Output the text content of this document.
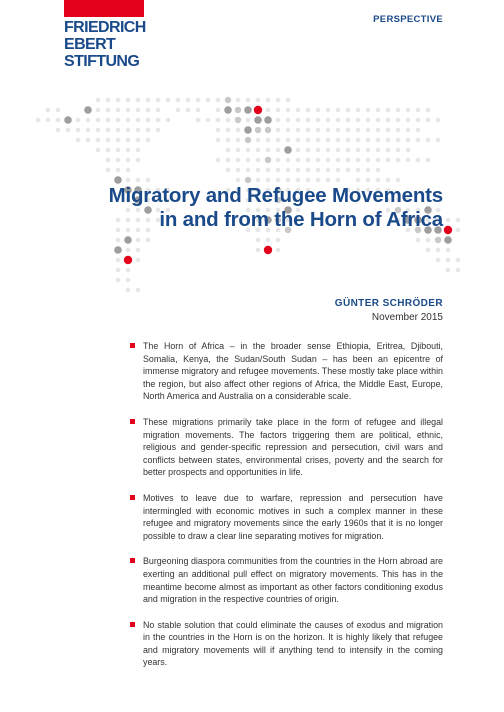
FRIEDRICH
EBERT
STIFTUNG
PERSPECTIVE
Migratory and Refugee Movements
in and from the Horn of Africa
GÜNTER SCHRÖDER
November 2015
The Horn of Africa – in the broader sense Ethiopia, Eritrea, Djibouti, Somalia, Kenya, the Sudan/South Sudan – has been an epicentre of immense migratory and refugee movements. These mostly take place within the region, but also affect other regions of Africa, the Middle East, Europe, North America and Australia on a considerable scale.
These migrations primarily take place in the form of refugee and illegal migration movements. The factors triggering them are political, ethnic, religious and gender-specific repression and persecution, civil wars and conflicts between states, environmental crises, poverty and the search for better prospects and opportunities in life.
Motives to leave due to warfare, repression and persecution have intermingled with economic motives in such a complex manner in these refugee and migratory movements since the early 1960s that it is no longer possible to draw a clear line separating motives for migration.
Burgeoning diaspora communities from the countries in the Horn abroad are exerting an additional pull effect on migratory movements. This has in the meantime become almost as important as other factors conditioning exodus and migration in the respective countries of origin.
No stable solution that could eliminate the causes of exodus and migration in the countries in the Horn is on the horizon. It is highly likely that refugee and migratory movements will if anything tend to intensify in the coming years.
